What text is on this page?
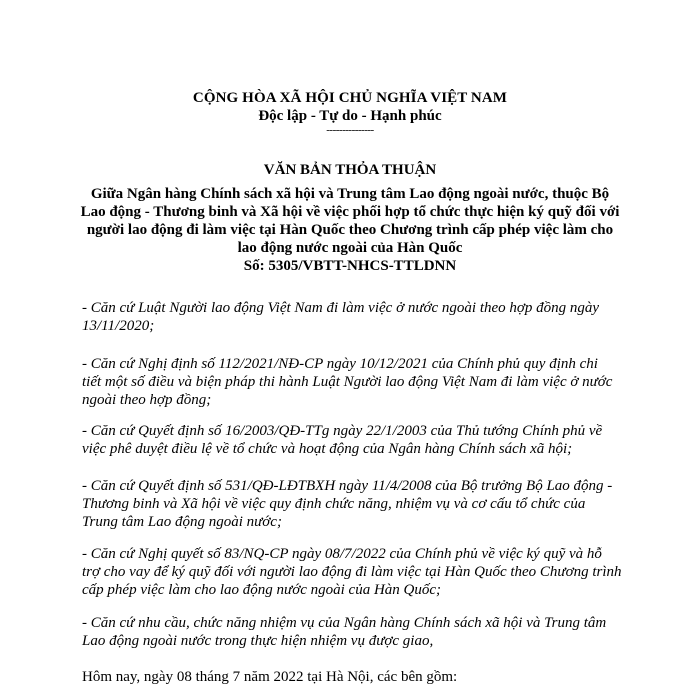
CỘNG HÒA XÃ HỘI CHỦ NGHĨA VIỆT NAM
Độc lập - Tự do - Hạnh phúc
---------------
VĂN BẢN THỎA THUẬN
Giữa Ngân hàng Chính sách xã hội và Trung tâm Lao động ngoài nước, thuộc Bộ
Lao động - Thương binh và Xã hội về việc phối hợp tổ chức thực hiện ký quỹ đối với
người lao động đi làm việc tại Hàn Quốc theo Chương trình cấp phép việc làm cho
lao động nước ngoài của Hàn Quốc
Số: 5305/VBTT-NHCS-TTLDNN
- Căn cứ Luật Người lao động Việt Nam đi làm việc ở nước ngoài theo hợp đồng ngày
13/11/2020;
- Căn cứ Nghị định số 112/2021/NĐ-CP ngày 10/12/2021 của Chính phủ quy định chi
tiết một số điều và biện pháp thi hành Luật Người lao động Việt Nam đi làm việc ở nước
ngoài theo hợp đồng;
- Căn cứ Quyết định số 16/2003/QĐ-TTg ngày 22/1/2003 của Thủ tướng Chính phủ về
việc phê duyệt điều lệ về tổ chức và hoạt động của Ngân hàng Chính sách xã hội;
- Căn cứ Quyết định số 531/QĐ-LĐTBXH ngày 11/4/2008 của Bộ trưởng Bộ Lao động -
Thương binh và Xã hội về việc quy định chức năng, nhiệm vụ và cơ cấu tổ chức của
Trung tâm Lao động ngoài nước;
- Căn cứ Nghị quyết số 83/NQ-CP ngày 08/7/2022 của Chính phủ về việc ký quỹ và hỗ
trợ cho vay để ký quỹ đối với người lao động đi làm việc tại Hàn Quốc theo Chương trình
cấp phép việc làm cho lao động nước ngoài của Hàn Quốc;
- Căn cứ nhu cầu, chức năng nhiệm vụ của Ngân hàng Chính sách xã hội và Trung tâm
Lao động ngoài nước trong thực hiện nhiệm vụ được giao,
Hôm nay, ngày 08 tháng 7 năm 2022 tại Hà Nội, các bên gồm:
